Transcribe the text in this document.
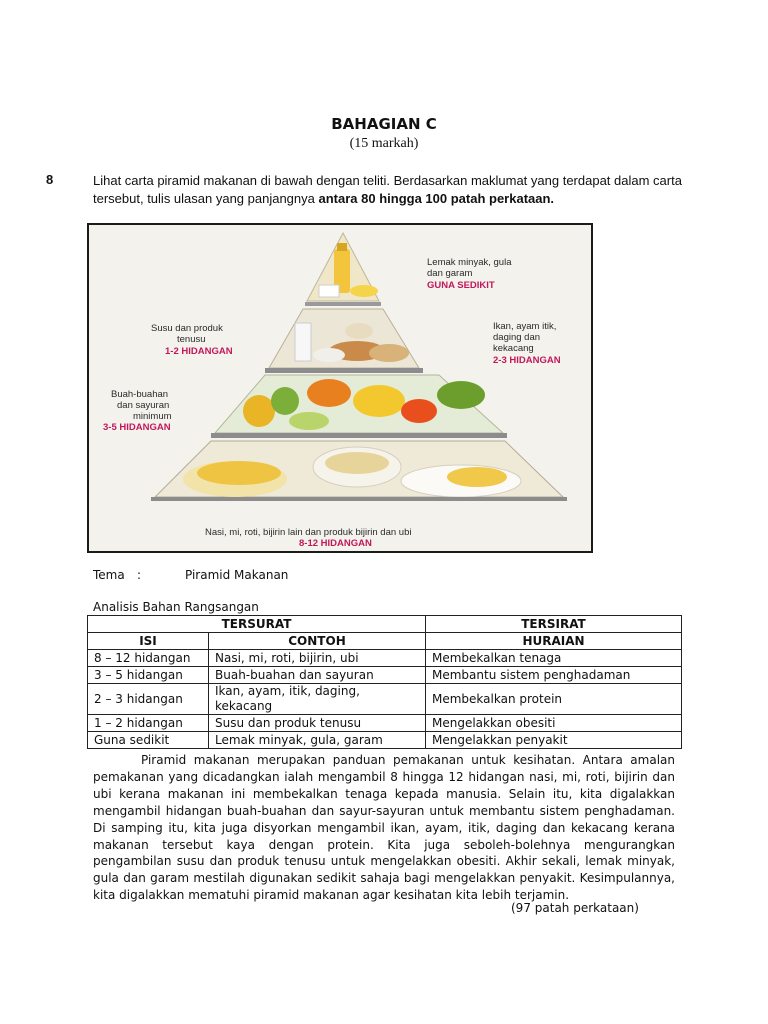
BAHAGIAN C
(15 markah)
8	Lihat carta piramid makanan di bawah dengan teliti. Berdasarkan maklumat yang terdapat dalam carta tersebut, tulis ulasan yang panjangnya antara 80 hingga 100 patah perkataan.
Lemak minyak, gula
dan garam
GUNA SEDIKIT
Susu dan produk
tenusu
1-2 HIDANGAN
Ikan, ayam itik,
daging dan
kekacang
2-3 HIDANGAN
Buah-buahan
dan sayuran
minimum
3-5 HIDANGAN
Nasi, mi, roti, bijirin lain dan produk bijirin dan ubi
8-12 HIDANGAN
Tema :	Piramid Makanan
Analisis Bahan Rangsangan
TERSURAT		TERSIRAT
ISI	CONTOH	HURAIAN
8 – 12 hidangan	Nasi, mi, roti, bijirin, ubi	Membekalkan tenaga
3 – 5 hidangan	Buah-buahan dan sayuran	Membantu sistem penghadaman
2 – 3 hidangan	Ikan, ayam, itik, daging, kekacang	Membekalkan protein
1 – 2 hidangan	Susu dan produk tenusu	Mengelakkan obesiti
Guna sedikit	Lemak minyak, gula, garam	Mengelakkan penyakit
Piramid makanan merupakan panduan pemakanan untuk kesihatan. Antara amalan pemakanan yang dicadangkan ialah mengambil 8 hingga 12 hidangan nasi, mi, roti, bijirin dan ubi kerana makanan ini membekalkan tenaga kepada manusia. Selain itu, kita digalakkan mengambil hidangan buah-buahan dan sayur-sayuran untuk membantu sistem penghadaman. Di samping itu, kita juga disyorkan mengambil ikan, ayam, itik, daging dan kekacang kerana makanan tersebut kaya dengan protein. Kita juga seboleh-bolehnya mengurangkan pengambilan susu dan produk tenusu untuk mengelakkan obesiti. Akhir sekali, lemak minyak, gula dan garam mestilah digunakan sedikit sahaja bagi mengelakkan penyakit. Kesimpulannya, kita digalakkan mematuhi piramid makanan agar kesihatan kita lebih terjamin.
(97 patah perkataan)
